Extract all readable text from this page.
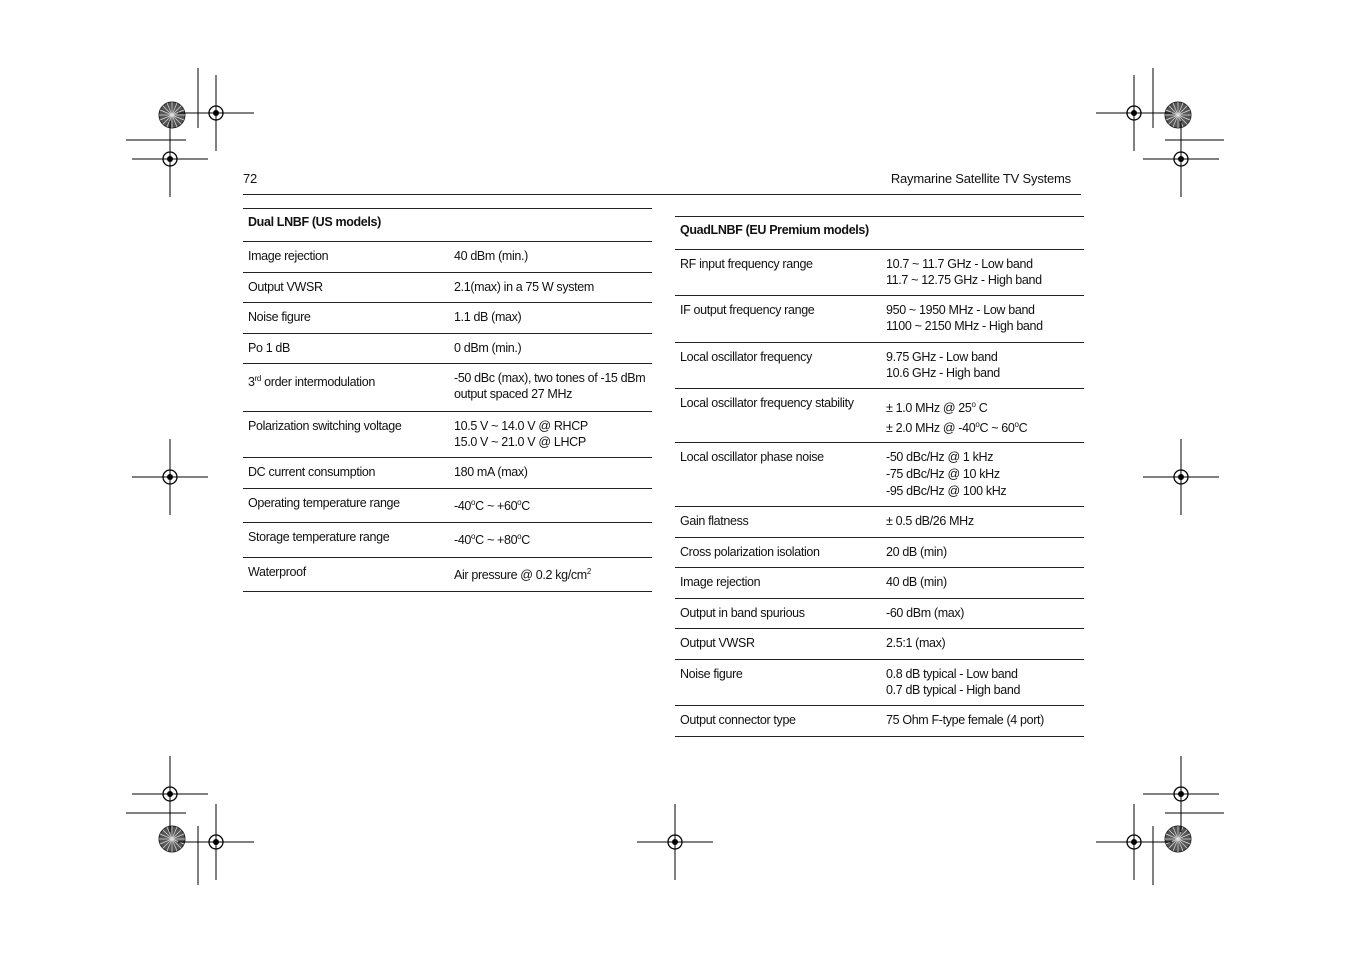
72	Raymarine Satellite TV Systems
Dual LNBF (US models)
Image rejection	40 dBm (min.)
Output VWSR	2.1(max) in a 75 W system
Noise figure	1.1 dB (max)
Po 1 dB	0 dBm (min.)
3rd order intermodulation	-50 dBc (max), two tones of -15 dBm
output spaced 27 MHz
Polarization switching voltage	10.5 V ~ 14.0 V @ RHCP
15.0 V ~ 21.0 V @ LHCP
DC current consumption	180 mA (max)
Operating temperature range	-40$^o$C ~ $+60^oC$
Storage temperature range	-40$^o$C ~ $+80^oC$
Waterproof	Air pressure @ 0.2 $kg/cm^2$
QuadLNBF (EU Premium models)
RF input frequency range	10.7 ~ 11.7 GHz - Low band
11.7 ~ 12.75 GHz - High band
IF output frequency range	950 ~ 1950 MHz - Low band
1100 ~ 2150 MHz - High band
Local oscillator frequency	9.75 GHz - Low band
10.6 GHz - High band
Local oscillator frequency stability	± 1.0 MHz @ 25$^o$ C
± 2.0 MHz @ -40$^o$C ~ 60$^o$C
Local oscillator phase noise	-50 dBc/Hz @ 1 kHz
-75 dBc/Hz @ 10 kHz
-95 dBc/Hz @ 100 kHz
Gain flatness	± 0.5 dB/26 MHz
Cross polarization isolation	20 dB (min)
Image rejection	40 dB (min)
Output in band spurious	-60 dBm (max)
Output VWSR	2.5:1 (max)
Noise figure	0.8 dB typical - Low band
0.7 dB typical - High band
Output connector type	75 Ohm F-type female (4 port)
